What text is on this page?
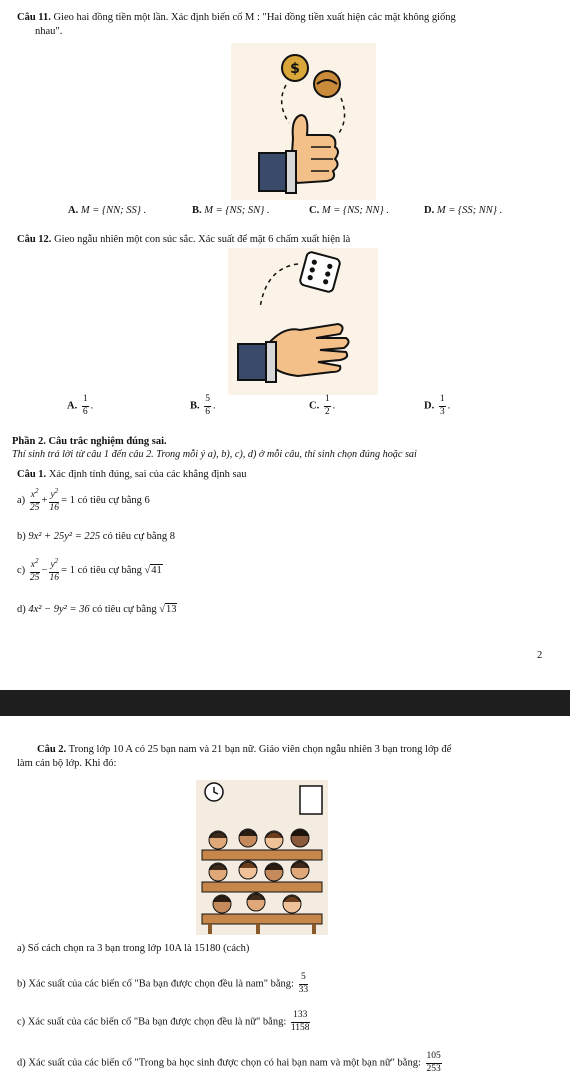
Câu 11. Gieo hai đồng tiền một lần. Xác định biến cố M : "Hai đồng tiền xuất hiện các mặt không giống
nhau".
$
A. M = {NN; SS} .	B. M = {NS; SN} .	C. M = {NS; NN} .	D. M = {SS; NN} .
Câu 12. Gieo ngẫu nhiên một con súc sắc. Xác suất để mặt 6 chấm xuất hiện là
A. $\frac{1}{6}$ .	B. $\frac{5}{6}$ .	C. $\frac{1}{2}$ .	D. $\frac{1}{3}$ .
Phần 2. Câu trắc nghiệm đúng sai.
Thí sinh trả lời từ câu 1 đến câu 2. Trong mỗi ý a), b), c), d) ở mỗi câu, thí sinh chọn đúng hoặc sai
Câu 1. Xác định tính đúng, sai của các khẳng định sau
$a) \frac{x^2}{25} + \frac{y^2}{16} = 1$ có tiêu cự bằng 6
b) 9x² + 25y² = 225 có tiêu cự bằng 8
$c) \frac{x^2}{25} - \frac{y^2}{16} = 1$ có tiêu cự bằng √41
d) 4x² − 9y² = 36 có tiêu cự bằng √13
2
Câu 2. Trong lớp 10 A có 25 bạn nam và 21 bạn nữ. Giáo viên chọn ngẫu nhiên 3 bạn trong lớp để
làm cán bộ lớp. Khi đó:
a) Số cách chọn ra 3 bạn trong lớp 10A là 15180 (cách)
b) Xác suất của các biến cố "Ba bạn được chọn đều là nam" bằng: $\frac{5}{33}$
c) Xác suất của các biến cố "Ba bạn được chọn đều là nữ" bằng: $\frac{133}{1158}$
d) Xác suất của các biến cố "Trong ba học sinh được chọn có hai bạn nam và một bạn nữ" bằng: $\frac{105}{253}$
